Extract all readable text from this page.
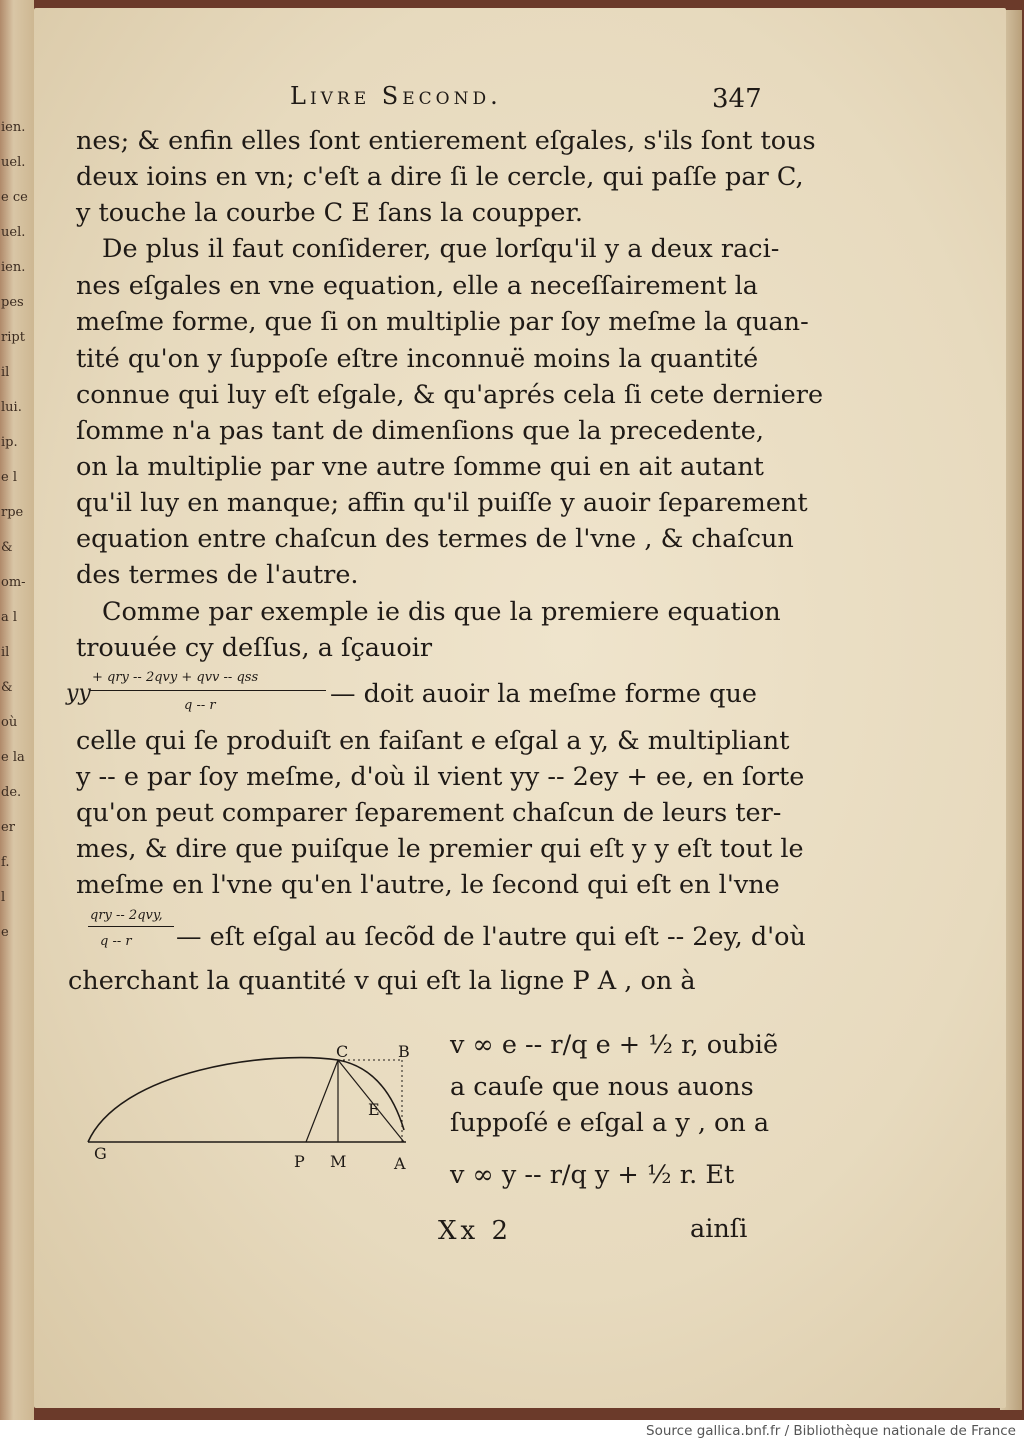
ien.
uel.
e ce
uel.
ien.
pes
ript
il
lui.
ip.
e l
rpe
&
om-
a l
il
&
où
e la
de.
er
f.
l
e
Livre Second.	347
nes; & enfin elles ſont entierement eſgales, s'ils ſont tous
deux ioins en vn; c'eſt a dire ſi le cercle, qui paſſe par C,
y touche la courbe C E ſans la coupper.
De plus il faut conſiderer, que lorſqu'il y a deux raci-
nes eſgales en vne equation, elle a neceſſairement la
meſme forme, que ſi on multiplie par ſoy meſme la quan-
tité qu'on y ſuppoſe eſtre inconnuë moins la quantité
connue qui luy eſt eſgale, & qu'aprés cela ſi cete derniere
ſomme n'a pas tant de dimenſions que la precedente,
on la multiplie par vne autre ſomme qui en ait autant
qu'il luy en manque; affin qu'il puiſſe y auoir ſeparement
equation entre chaſcun des termes de l'vne , & chaſcun
des termes de l'autre.
Comme par exemple ie dis que la premiere equation
trouuée cy deſſus, a ſçauoir
yy
+ qry -- 2qvy + qvv -- qss
q -- r	— doit auoir la meſme forme que
celle qui ſe produiſt en faiſant e eſgal a y, & multipliant
y -- e par ſoy meſme, d'où il vient yy -- 2ey + ee, en ſorte
qu'on peut comparer ſeparement chaſcun de leurs ter-
mes, & dire que puiſque le premier qui eſt y y eſt tout le
meſme en l'vne qu'en l'autre, le ſecond qui eſt en l'vne
qry -- 2qvy,
q -- r — eſt eſgal au ſecõd de l'autre qui eſt -- 2ey, d'où
cherchant la quantité v qui eſt la ligne P A , on à
C	B
E
G	P M	A
v ∞ e -- r/q e + ½ r, oubiẽ
a cauſe que nous auons
ſuppoſé e eſgal a y , on a
v ∞ y -- r/q y + ½ r. Et
Xx 2	ainſi
Source gallica.bnf.fr / Bibliothèque nationale de France
